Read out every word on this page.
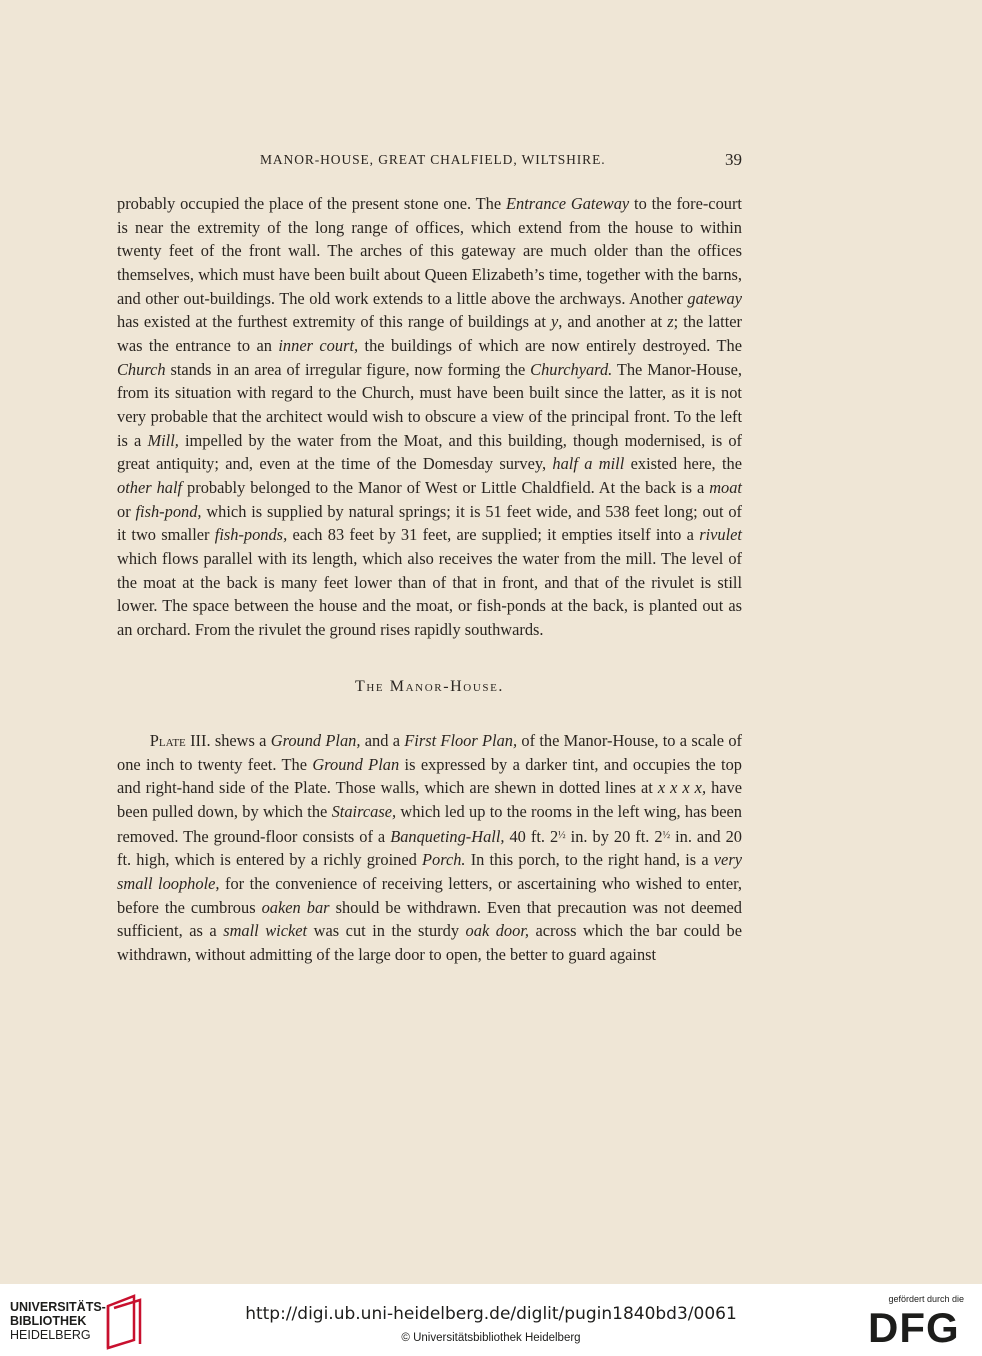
MANOR-HOUSE, GREAT CHALFIELD, WILTSHIRE.	39

probably occupied the place of the present stone one. The Entrance Gateway to the fore-court is near the extremity of the long range of offices, which extend from the house to within twenty feet of the front wall. The arches of this gateway are much older than the offices themselves, which must have been built about Queen Elizabeth’s time, together with the barns, and other out-buildings. The old work extends to a little above the archways. Another gateway has existed at the furthest extremity of this range of buildings at y, and another at z; the latter was the entrance to an inner court, the buildings of which are now entirely destroyed. The Church stands in an area of irregular figure, now forming the Churchyard. The Manor-House, from its situation with regard to the Church, must have been built since the latter, as it is not very probable that the architect would wish to obscure a view of the principal front. To the left is a Mill, impelled by the water from the Moat, and this building, though modernised, is of great antiquity; and, even at the time of the Domesday survey, half a mill existed here, the other half probably belonged to the Manor of West or Little Chaldfield. At the back is a moat or fish-pond, which is supplied by natural springs; it is 51 feet wide, and 538 feet long; out of it two smaller fish-ponds, each 83 feet by 31 feet, are supplied; it empties itself into a rivulet which flows parallel with its length, which also receives the water from the mill. The level of the moat at the back is many feet lower than of that in front, and that of the rivulet is still lower. The space between the house and the moat, or fish-ponds at the back, is planted out as an orchard. From the rivulet the ground rises rapidly southwards.

The Manor-House.

  Plate III. shews a Ground Plan, and a First Floor Plan, of the Manor-House, to a scale of one inch to twenty feet. The Ground Plan is expressed by a darker tint, and occupies the top and right-hand side of the Plate. Those walls, which are shewn in dotted lines at x x x x, have been pulled down, by which the Staircase, which led up to the rooms in the left wing, has been removed. The ground-floor consists of a Banqueting-Hall, 40 ft. $2^{\frac{1}{2}}$ in. by 20 ft. $2^{\frac{1}{2}}$ in. and 20 ft. high, which is entered by a richly groined Porch. In this porch, to the right hand, is a very small loophole, for the convenience of receiving letters, or ascertaining who wished to enter, before the cumbrous oaken bar should be withdrawn. Even that precaution was not deemed sufficient, as a small wicket was cut in the sturdy oak door, across which the bar could be withdrawn, without admitting of the large door to open, the better to guard against

UNIVERSITÄTS-
BIBLIOTHEK
HEIDELBERG
http://digi.ub.uni-heidelberg.de/diglit/pugin1840bd3/0061
© Universitätsbibliothek Heidelberg
gefördert durch die
DFG
